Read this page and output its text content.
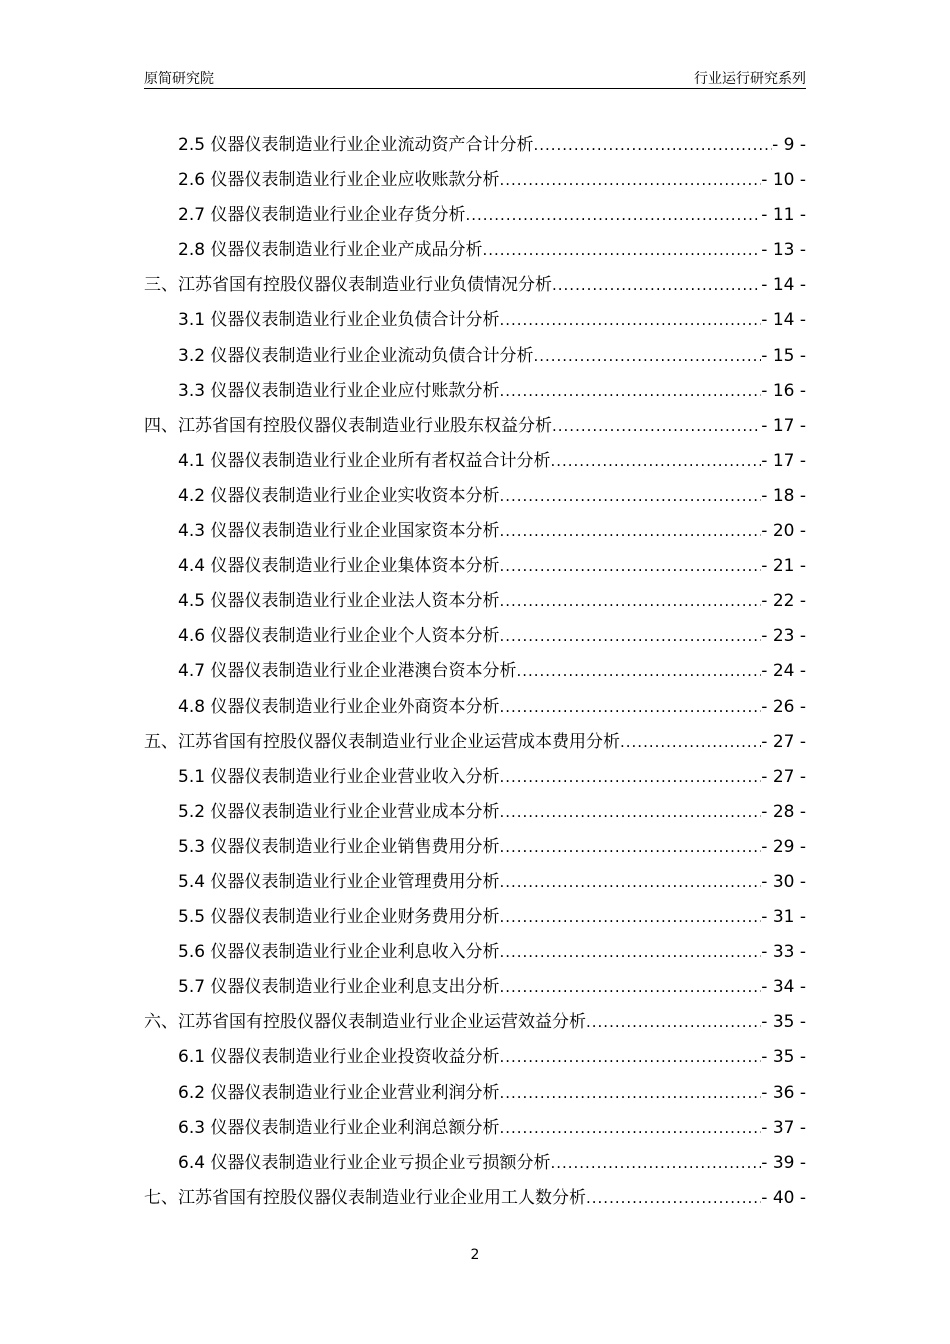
原简研究院	行业运行研究系列
2.5 仪器仪表制造业行业企业流动资产合计分析 .....	- 9 -
2.6 仪器仪表制造业行业企业应收账款分析 .....	- 10 -
2.7 仪器仪表制造业行业企业存货分析 .....	- 11 -
2.8 仪器仪表制造业行业企业产成品分析 .....	- 13 -
三、江苏省国有控股仪器仪表制造业行业负债情况分析 .....	- 14 -
3.1 仪器仪表制造业行业企业负债合计分析 .....	- 14 -
3.2 仪器仪表制造业行业企业流动负债合计分析 .....	- 15 -
3.3 仪器仪表制造业行业企业应付账款分析 .....	- 16 -
四、江苏省国有控股仪器仪表制造业行业股东权益分析 .....	- 17 -
4.1 仪器仪表制造业行业企业所有者权益合计分析 .....	- 17 -
4.2 仪器仪表制造业行业企业实收资本分析 .....	- 18 -
4.3 仪器仪表制造业行业企业国家资本分析 .....	- 20 -
4.4 仪器仪表制造业行业企业集体资本分析 .....	- 21 -
4.5 仪器仪表制造业行业企业法人资本分析 .....	- 22 -
4.6 仪器仪表制造业行业企业个人资本分析 .....	- 23 -
4.7 仪器仪表制造业行业企业港澳台资本分析 .....	- 24 -
4.8 仪器仪表制造业行业企业外商资本分析 .....	- 26 -
五、江苏省国有控股仪器仪表制造业行业企业运营成本费用分析 .....	- 27 -
5.1 仪器仪表制造业行业企业营业收入分析 .....	- 27 -
5.2 仪器仪表制造业行业企业营业成本分析 .....	- 28 -
5.3 仪器仪表制造业行业企业销售费用分析 .....	- 29 -
5.4 仪器仪表制造业行业企业管理费用分析 .....	- 30 -
5.5 仪器仪表制造业行业企业财务费用分析 .....	- 31 -
5.6 仪器仪表制造业行业企业利息收入分析 .....	- 33 -
5.7 仪器仪表制造业行业企业利息支出分析 .....	- 34 -
六、江苏省国有控股仪器仪表制造业行业企业运营效益分析 .....	- 35 -
6.1 仪器仪表制造业行业企业投资收益分析 .....	- 35 -
6.2 仪器仪表制造业行业企业营业利润分析 .....	- 36 -
6.3 仪器仪表制造业行业企业利润总额分析 .....	- 37 -
6.4 仪器仪表制造业行业企业亏损企业亏损额分析 .....	- 39 -
七、江苏省国有控股仪器仪表制造业行业企业用工人数分析 .....	- 40 -
2
